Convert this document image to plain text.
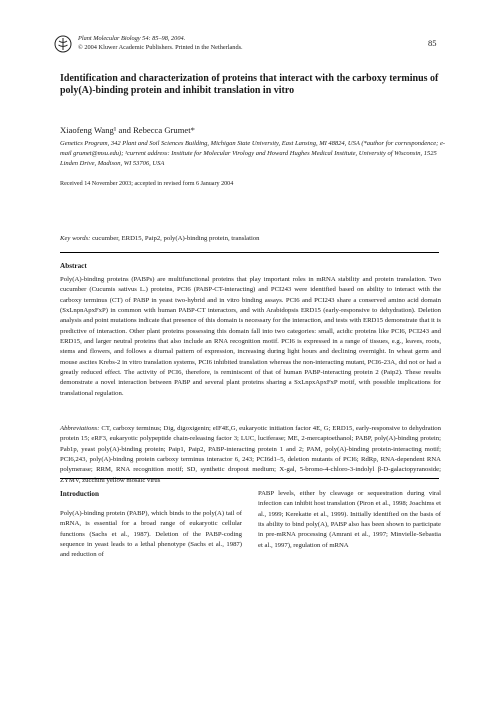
Plant Molecular Biology 54: 85–98, 2004.
© 2004 Kluwer Academic Publishers. Printed in the Netherlands.	85
Identification and characterization of proteins that interact with the carboxy terminus of poly(A)-binding protein and inhibit translation in vitro
Xiaofeng Wang¹ and Rebecca Grumet*
Genetics Program, 342 Plant and Soil Sciences Building, Michigan State University, East Lansing, MI 48824, USA (*author for correspondence; e-mail grumet@msu.edu); ¹current address: Institute for Molecular Virology and Howard Hughes Medical Institute, University of Wisconsin, 1525 Linden Drive, Madison, WI 53706, USA
Received 14 November 2003; accepted in revised form 6 January 2004
Key words: cucumber, ERD15, Paip2, poly(A)-binding protein, translation
Abstract
Poly(A)-binding proteins (PABPs) are multifunctional proteins that play important roles in mRNA stability and protein translation. Two cucumber (Cucumis sativus L.) proteins, PCI6 (PABP-CT-interacting) and PCI243 were identified based on ability to interact with the carboxy terminus (CT) of PABP in yeast two-hybrid and in vitro binding assays. PCI6 and PCI243 share a conserved amino acid domain (SxLnpnApxFxP) in common with human PABP-CT interactors, and with Arabidopsis ERD15 (early-responsive to dehydration). Deletion analysis and point mutations indicate that presence of this domain is necessary for the interaction, and tests with ERD15 demonstrate that it is predictive of interaction. Other plant proteins possessing this domain fall into two categories: small, acidic proteins like PCI6, PCI243 and ERD15, and larger neutral proteins that also include an RNA recognition motif. PCI6 is expressed in a range of tissues, e.g., leaves, roots, stems and flowers, and follows a diurnal pattern of expression, increasing during light hours and declining overnight. In wheat germ and mouse ascites Krebs-2 in vitro translation systems, PCI6 inhibited translation whereas the non-interacting mutant, PCI6-23A, did not or had a greatly reduced effect. The activity of PCI6, therefore, is reminiscent of that of human PABP-interacting protein 2 (Paip2). These results demonstrate a novel interaction between PABP and several plant proteins sharing a SxLnpxApxFxP motif, with possible implications for translational regulation.
Abbreviations: CT, carboxy terminus; Dig, digoxigenin; eIF4E,G, eukaryotic initiation factor 4E, G; ERD15, early-responsive to dehydration protein 15; eRF3, eukaryotic polypeptide chain-releasing factor 3; LUC, luciferase; ME, 2-mercaptoethanol; PABP, poly(A)-binding protein; Pab1p, yeast poly(A)-binding protein; Paip1, Paip2, PABP-interacting protein 1 and 2; PAM, poly(A)-binding protein-interacting motif; PCI6,243, poly(A)-binding protein carboxy terminus interactor 6, 243; PCI6d1–5, deletion mutants of PCI6; RdRp, RNA-dependent RNA polymerase; RRM, RNA recognition motif; SD, synthetic dropout medium; X-gal, 5-bromo-4-chloro-3-indolyl β-D-galactopyranoside; ZYMV, zucchini yellow mosaic virus
Introduction
Poly(A)-binding protein (PABP), which binds to the poly(A) tail of mRNA, is essential for a broad range of eukaryotic cellular functions (Sachs et al., 1987). Deletion of the PABP-coding sequence in yeast leads to a lethal phenotype (Sachs et al., 1987) and reduction of
PABP levels, either by cleavage or sequestration during viral infection can inhibit host translation (Piron et al., 1998; Joachims et al., 1999; Kerekatte et al., 1999). Initially identified on the basis of its ability to bind poly(A), PABP also has been shown to participate in pre-mRNA processing (Amrani et al., 1997; Minvielle-Sebastia et al., 1997), regulation of mRNA
